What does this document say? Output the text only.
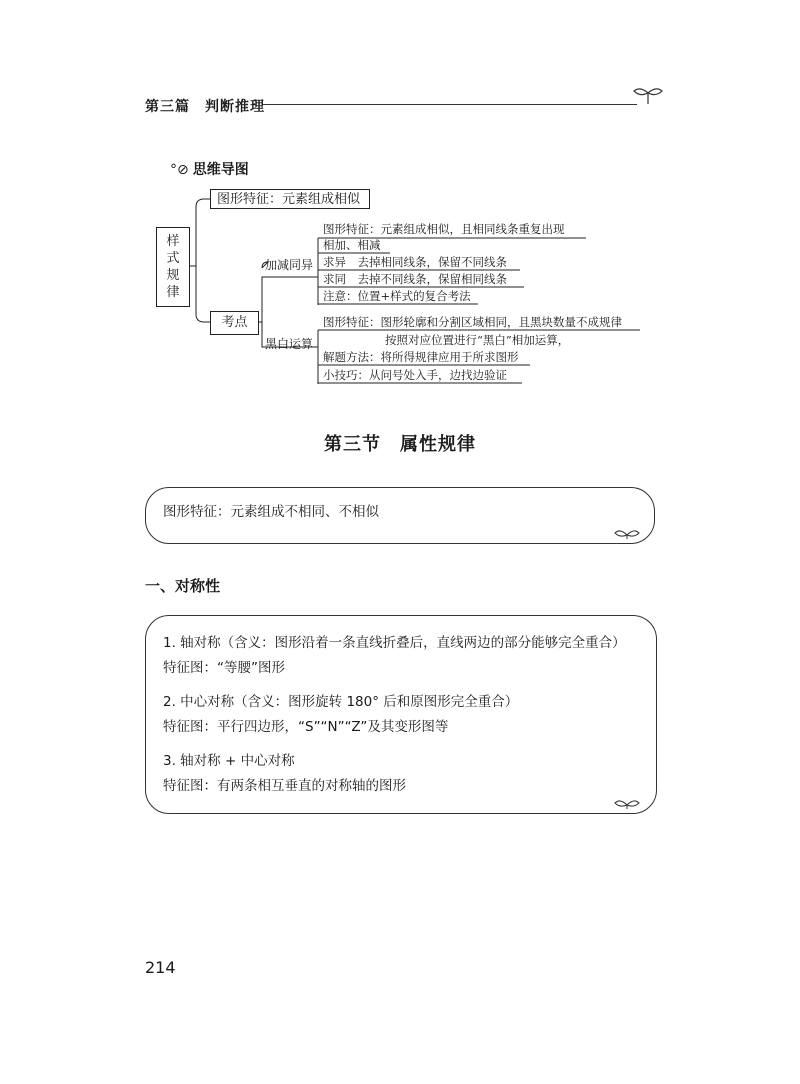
第三篇　判断推理
°⊘ 思维导图
样
式
规
律
图形特征：元素组成相似
考点
加减同异
黑白运算
图形特征：元素组成相似，且相同线条重复出现
相加、相减
求异　去掉相同线条，保留不同线条
求同　去掉不同线条，保留相同线条
注意：位置+样式的复合考法
图形特征：图形轮廓和分割区域相同，且黑块数量不成规律
按照对应位置进行“黑白”相加运算，
解题方法：将所得规律应用于所求图形
小技巧：从问号处入手，边找边验证
第三节　属性规律
图形特征：元素组成不相同、不相似
一、对称性
1. 轴对称（含义：图形沿着一条直线折叠后，直线两边的部分能够完全重合）
特征图：“等腰”图形
2. 中心对称（含义：图形旋转 180° 后和原图形完全重合）
特征图：平行四边形，“S”“N”“Z”及其变形图等
3. 轴对称 + 中心对称
特征图：有两条相互垂直的对称轴的图形
214
